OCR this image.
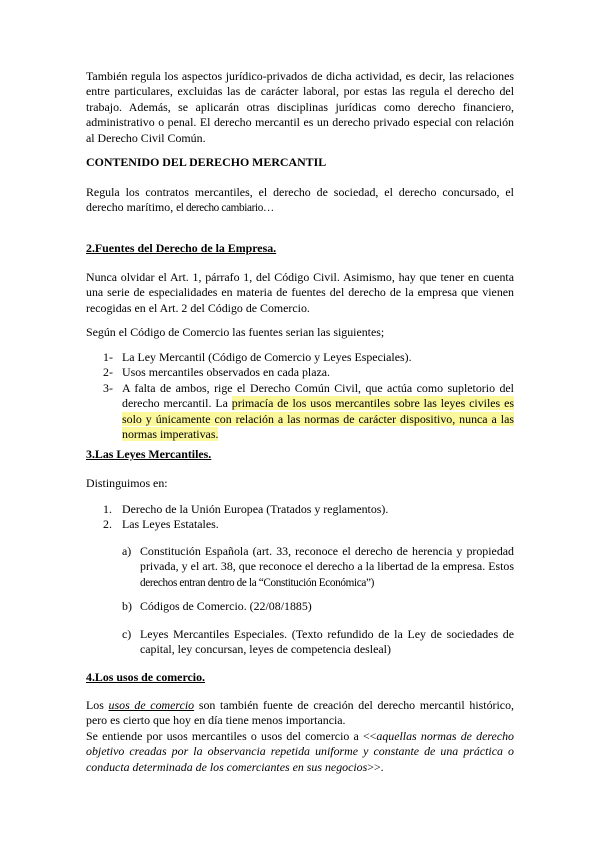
También regula los aspectos jurídico-privados de dicha actividad, es decir, las relaciones entre particulares, excluidas las de carácter laboral, por estas las regula el derecho del trabajo. Además, se aplicarán otras disciplinas jurídicas como derecho financiero, administrativo o penal. El derecho mercantil es un derecho privado especial con relación al Derecho Civil Común.

CONTENIDO DEL DERECHO MERCANTIL

Regula los contratos mercantiles, el derecho de sociedad, el derecho concursado, el derecho marítimo, el derecho cambiario…

2.Fuentes del Derecho de la Empresa.

Nunca olvidar el Art. 1, párrafo 1, del Código Civil. Asimismo, hay que tener en cuenta una serie de especialidades en materia de fuentes del derecho de la empresa que vienen recogidas en el Art. 2 del Código de Comercio.

Según el Código de Comercio las fuentes serian las siguientes;
1- La Ley Mercantil (Código de Comercio y Leyes Especiales).
2- Usos mercantiles observados en cada plaza.
3- A falta de ambos, rige el Derecho Común Civil, que actúa como supletorio del derecho mercantil. La primacía de los usos mercantiles sobre las leyes civiles es solo y únicamente con relación a las normas de carácter dispositivo, nunca a las normas imperativas.
3.Las Leyes Mercantiles.
Distinguimos en:
1. Derecho de la Unión Europea (Tratados y reglamentos).
2. Las Leyes Estatales.
a) Constitución Española (art. 33, reconoce el derecho de herencia y propiedad privada, y el art. 38, que reconoce el derecho a la libertad de la empresa. Estos derechos entran dentro de la “Constitución Económica”)
b) Códigos de Comercio. (22/08/1885)
c) Leyes Mercantiles Especiales. (Texto refundido de la Ley de sociedades de capital, ley concursan, leyes de competencia desleal)
4.Los usos de comercio.

Los usos de comercio son también fuente de creación del derecho mercantil histórico, pero es cierto que hoy en día tiene menos importancia.

Se entiende por usos mercantiles o usos del comercio a <<aquellas normas de derecho objetivo creadas por la observancia repetida uniforme y constante de una práctica o conducta determinada de los comerciantes en sus negocios>>.
